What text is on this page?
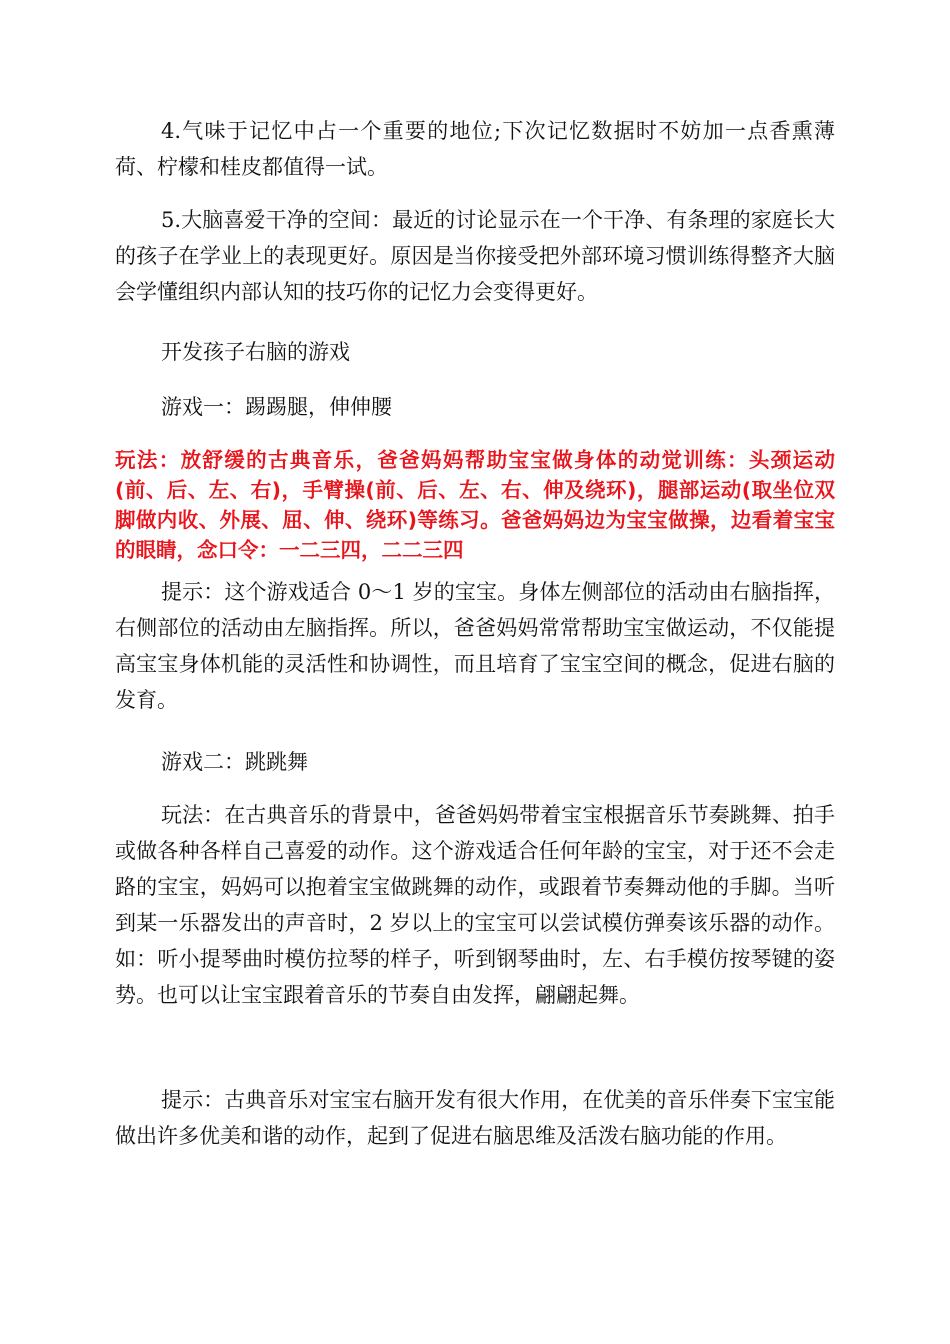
4.气味于记忆中占一个重要的地位;下次记忆数据时不妨加一点香熏薄荷、柠檬和桂皮都值得一试。

5.大脑喜爱干净的空间：最近的讨论显示在一个干净、有条理的家庭长大的孩子在学业上的表现更好。原因是当你接受把外部环境习惯训练得整齐大脑会学懂组织内部认知的技巧你的记忆力会变得更好。

开发孩子右脑的游戏

游戏一：踢踢腿，伸伸腰

玩法：放舒缓的古典音乐，爸爸妈妈帮助宝宝做身体的动觉训练：头颈运动(前、后、左、右)，手臂操(前、后、左、右、伸及绕环)，腿部运动(取坐位双脚做内收、外展、屈、伸、绕环)等练习。爸爸妈妈边为宝宝做操，边看着宝宝的眼睛，念口令：一二三四，二二三四

提示：这个游戏适合 0～1 岁的宝宝。身体左侧部位的活动由右脑指挥，右侧部位的活动由左脑指挥。所以，爸爸妈妈常常帮助宝宝做运动，不仅能提高宝宝身体机能的灵活性和协调性，而且培育了宝宝空间的概念，促进右脑的发育。

游戏二：跳跳舞

玩法：在古典音乐的背景中，爸爸妈妈带着宝宝根据音乐节奏跳舞、拍手或做各种各样自己喜爱的动作。这个游戏适合任何年龄的宝宝，对于还不会走路的宝宝，妈妈可以抱着宝宝做跳舞的动作，或跟着节奏舞动他的手脚。当听到某一乐器发出的声音时，2 岁以上的宝宝可以尝试模仿弹奏该乐器的动作。如：听小提琴曲时模仿拉琴的样子，听到钢琴曲时，左、右手模仿按琴键的姿势。也可以让宝宝跟着音乐的节奏自由发挥，翩翩起舞。

提示：古典音乐对宝宝右脑开发有很大作用，在优美的音乐伴奏下宝宝能做出许多优美和谐的动作，起到了促进右脑思维及活泼右脑功能的作用。
